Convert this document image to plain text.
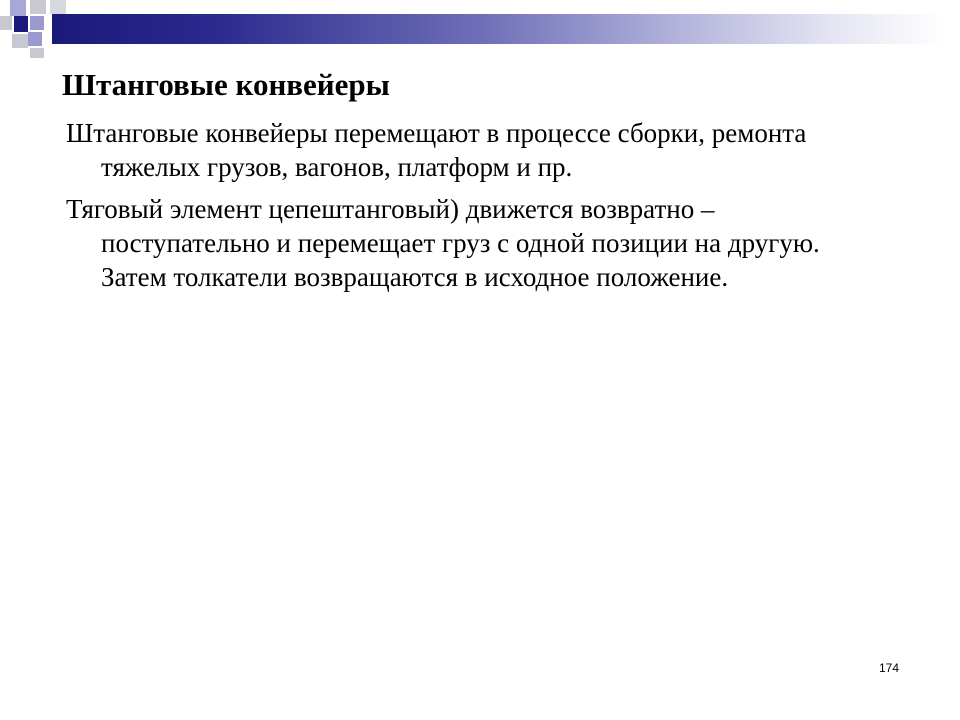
Штанговые конвейеры

Штанговые конвейеры перемещают в процессе сборки, ремонта тяжелых грузов, вагонов, платформ и пр.

Тяговый элемент цепештанговый) движется возвратно – поступательно и перемещает груз с одной позиции на другую. Затем толкатели возвращаются в исходное положение.

174
